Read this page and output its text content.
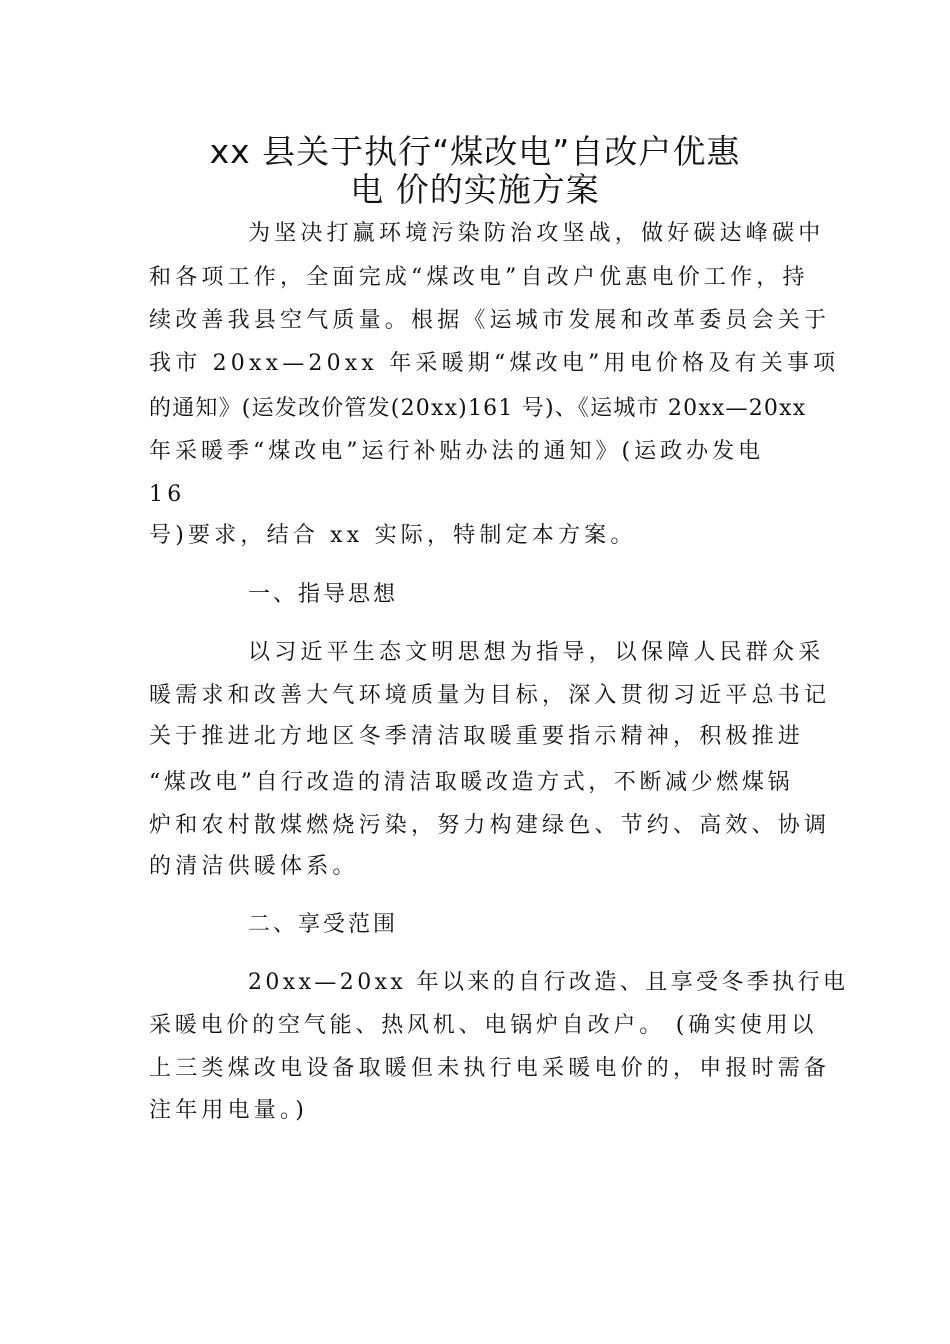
xx 县关于执行“煤改电”自改户优惠
电 价的实施方案
为坚决打赢环境污染防治攻坚战，做好碳达峰碳中
和各项工作，全面完成“煤改电”自改户优惠电价工作，持
续改善我县空气质量。根据《运城市发展和改革委员会关于
我市 20xx—20xx 年采暖期“煤改电”用电价格及有关事项
的通知》(运发改价管发(20xx)161 号)、《运城市 20xx—20xx
年采暖季“煤改电”运行补贴办法的通知》(运政办发电
16
号)要求，结合 xx 实际，特制定本方案。
一、指导思想
以习近平生态文明思想为指导，以保障人民群众采
暖需求和改善大气环境质量为目标，深入贯彻习近平总书记
关于推进北方地区冬季清洁取暖重要指示精神，积极推进
“煤改电”自行改造的清洁取暖改造方式，不断减少燃煤锅
炉和农村散煤燃烧污染，努力构建绿色、节约、高效、协调
的清洁供暖体系。
二、享受范围
20xx—20xx 年以来的自行改造、且享受冬季执行电
采暖电价的空气能、热风机、电锅炉自改户。 (确实使用以
上三类煤改电设备取暖但未执行电采暖电价的，申报时需备
注年用电量。)
